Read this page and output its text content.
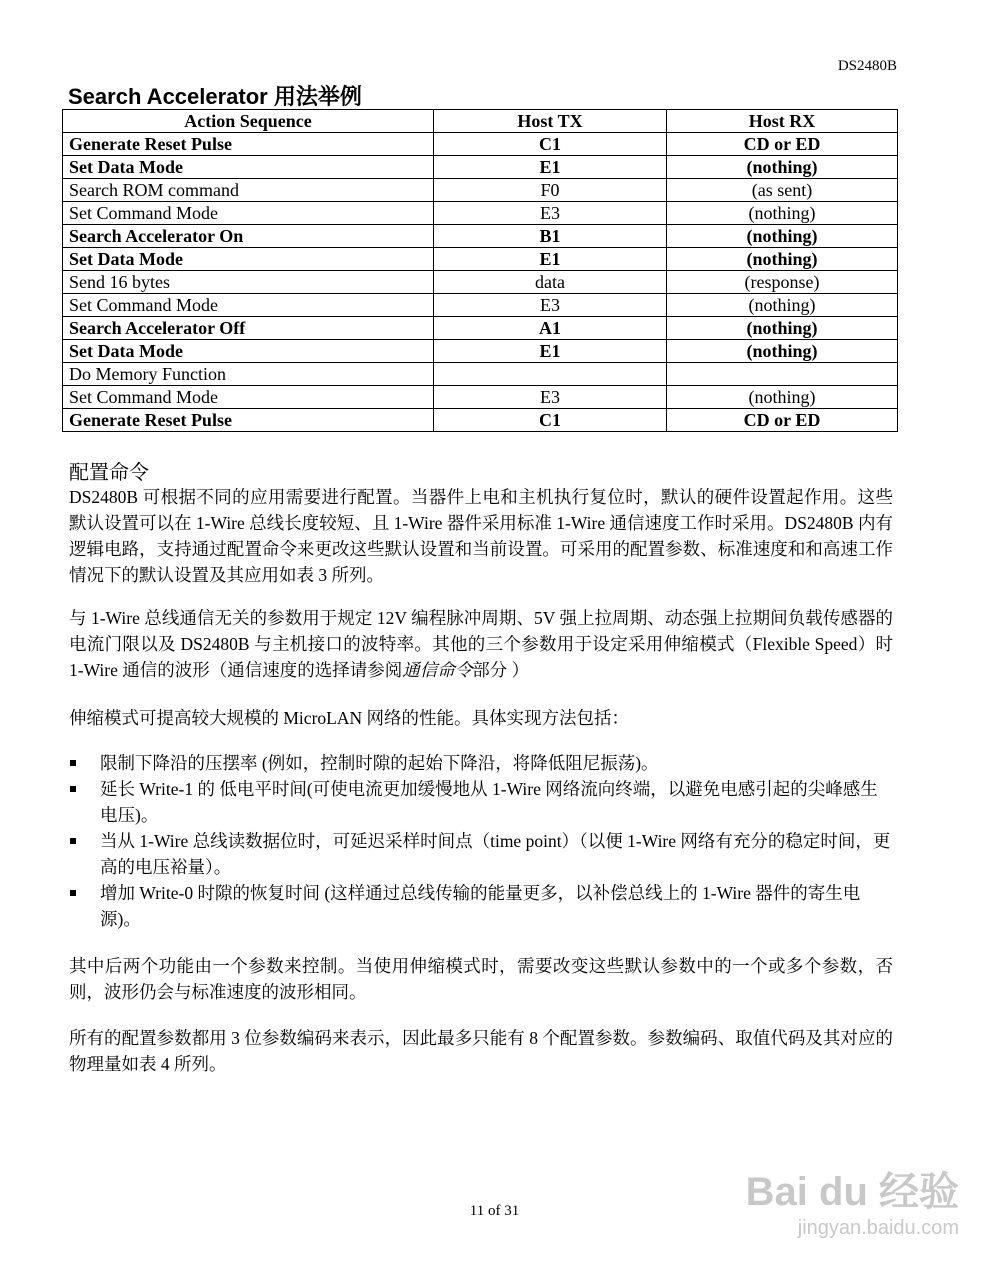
DS2480B
Search Accelerator 用法举例
Action Sequence	Host TX	Host RX
Generate Reset Pulse	C1	CD or ED
Set Data Mode	E1	(nothing)
Search ROM command	F0	(as sent)
Set Command Mode	E3	(nothing)
Search Accelerator On	B1	(nothing)
Set Data Mode	E1	(nothing)
Send 16 bytes	data	(response)
Set Command Mode	E3	(nothing)
Search Accelerator Off	A1	(nothing)
Set Data Mode	E1	(nothing)
Do Memory Function		
Set Command Mode	E3	(nothing)
Generate Reset Pulse	C1	CD or ED
配置命令
DS2480B 可根据不同的应用需要进行配置。当器件上电和主机执行复位时，默认的硬件设置起作用。这些默认设置可以在 1-Wire 总线长度较短、且 1-Wire 器件采用标准 1-Wire 通信速度工作时采用。DS2480B 内有逻辑电路，支持通过配置命令来更改这些默认设置和当前设置。可采用的配置参数、标准速度和和高速工作情况下的默认设置及其应用如表 3 所列。
与 1-Wire 总线通信无关的参数用于规定 12V 编程脉冲周期、5V 强上拉周期、动态强上拉期间负载传感器的电流门限以及 DS2480B 与主机接口的波特率。其他的三个参数用于设定采用伸缩模式（Flexible Speed）时 1-Wire 通信的波形（通信速度的选择请参阅通信命令部分 ）
伸缩模式可提高较大规模的 MicroLAN 网络的性能。具体实现方法包括：
限制下降沿的压摆率 (例如，控制时隙的起始下降沿，将降低阻尼振荡)。
延长 Write-1 的 低电平时间(可使电流更加缓慢地从 1-Wire 网络流向终端，以避免电感引起的尖峰感生电压)。
当从 1-Wire 总线读数据位时，可延迟采样时间点（time point）（以便 1-Wire 网络有充分的稳定时间，更高的电压裕量）。
增加 Write-0 时隙的恢复时间 (这样通过总线传输的能量更多，以补偿总线上的 1-Wire 器件的寄生电源)。
其中后两个功能由一个参数来控制。当使用伸缩模式时，需要改变这些默认参数中的一个或多个参数，否则，波形仍会与标准速度的波形相同。
所有的配置参数都用 3 位参数编码来表示，因此最多只能有 8 个配置参数。参数编码、取值代码及其对应的物理量如表 4 所列。
11 of 31	Bai du 经验
jingyan.baidu.com
